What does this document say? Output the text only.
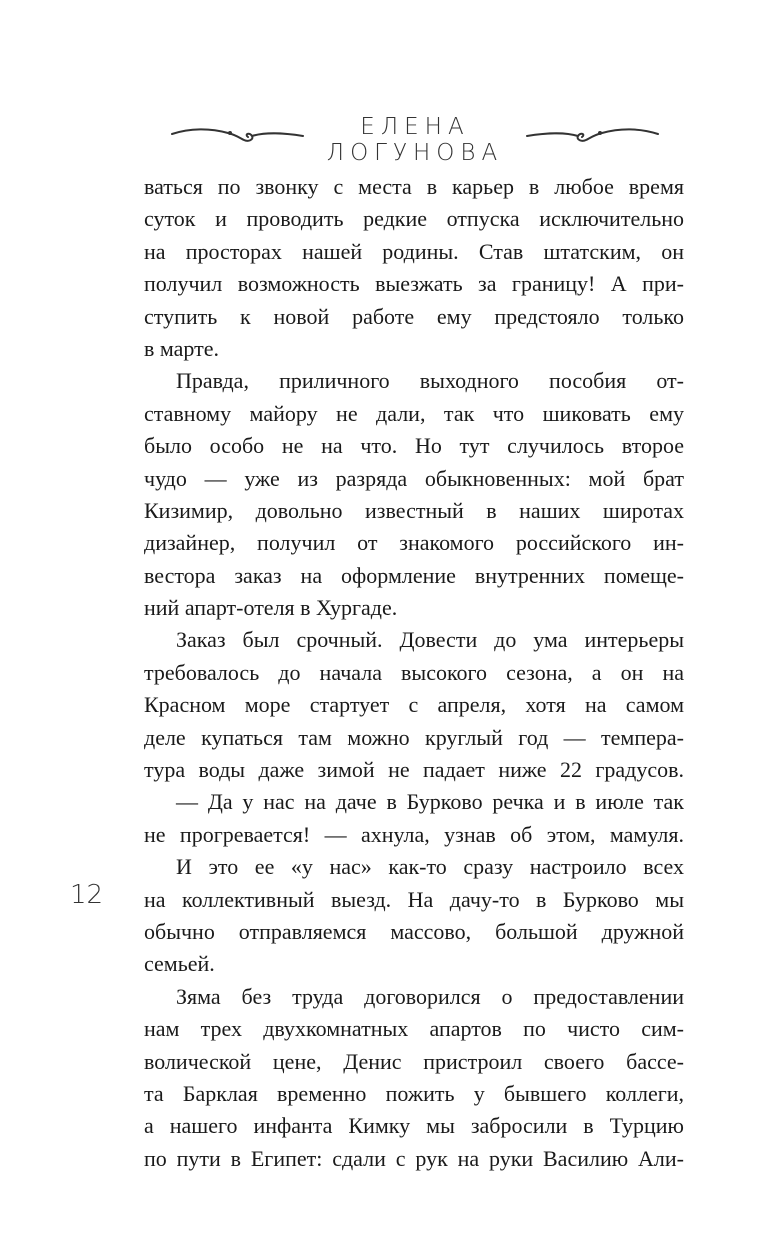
ЕЛЕНА ЛОГУНОВА

ваться по звонку с места в карьер в любое время
суток и проводить редкие отпуска исключительно
на просторах нашей родины. Став штатским, он
получил возможность выезжать за границу! А при-
ступить к новой работе ему предстояло только
в марте.

Правда, приличного выходного пособия от-
ставному майору не дали, так что шиковать ему
было особо не на что. Но тут случилось второе
чудо — уже из разряда обыкновенных: мой брат
Кизимир, довольно известный в наших широтах
дизайнер, получил от знакомого российского ин-
вестора заказ на оформление внутренних помеще-
ний апарт-отеля в Хургаде.

Заказ был срочный. Довести до ума интерьеры
требовалось до начала высокого сезона, а он на
Красном море стартует с апреля, хотя на самом
деле купаться там можно круглый год — темпера-
тура воды даже зимой не падает ниже 22 градусов.

— Да у нас на даче в Бурково речка и в июле так
не прогревается! — ахнула, узнав об этом, мамуля.

И это ее «у нас» как-то сразу настроило всех
на коллективный выезд. На дачу-то в Бурково мы
обычно отправляемся массово, большой дружной
семьей.

Зяма без труда договорился о предоставлении
нам трех двухкомнатных апартов по чисто сим-
волической цене, Денис пристроил своего бассе-
та Барклая временно пожить у бывшего коллеги,
а нашего инфанта Кимку мы забросили в Турцию
по пути в Египет: сдали с рук на руки Василию Али-

12
